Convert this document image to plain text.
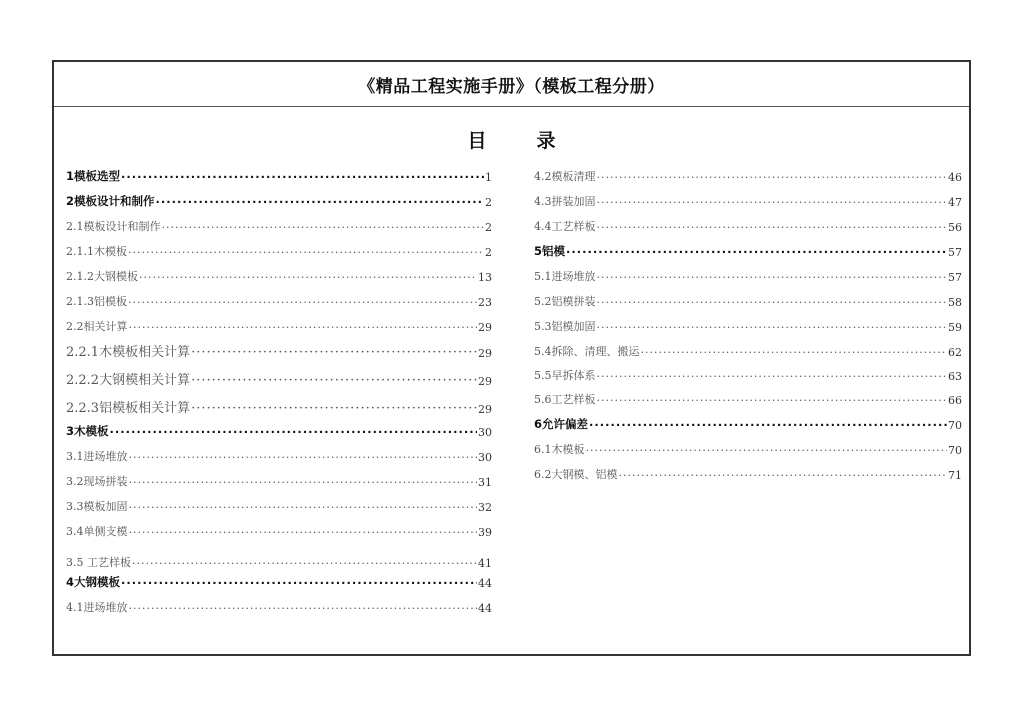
《精品工程实施手册》（模板工程分册）
目	录
1模板选型 ·····	1
2模板设计和制作 ·····	2
2.1模板设计和制作 ·····	2
2.1.1木模板 ·····	2
2.1.2大钢模板 ·····	13
2.1.3铝模板 ·····	23
2.2相关计算 ·····	29
2.2.1木模板相关计算 ·····	29
2.2.2大钢模相关计算 ·····	29
2.2.3铝模板相关计算 ·····	29
3木模板 ·····	30
3.1进场堆放 ·····	30
3.2现场拼装 ·····	31
3.3模板加固 ·····	32
3.4单侧支模 ·····	39
3.5 工艺样板 ·····	41
4大钢模板 ·····	44
4.1进场堆放 ·····	44
4.2模板清理 ·····	46
4.3拼装加固 ·····	47
4.4工艺样板 ·····	56
5铝模 ·····	57
5.1进场堆放 ·····	57
5.2铝模拼装 ·····	58
5.3铝模加固 ·····	59
5.4拆除、清理、搬运 ·····	62
5.5早拆体系 ·····	63
5.6工艺样板 ·····	66
6允许偏差 ·····	70
6.1木模板 ·····	70
6.2大钢模、铝模 ·····	71
